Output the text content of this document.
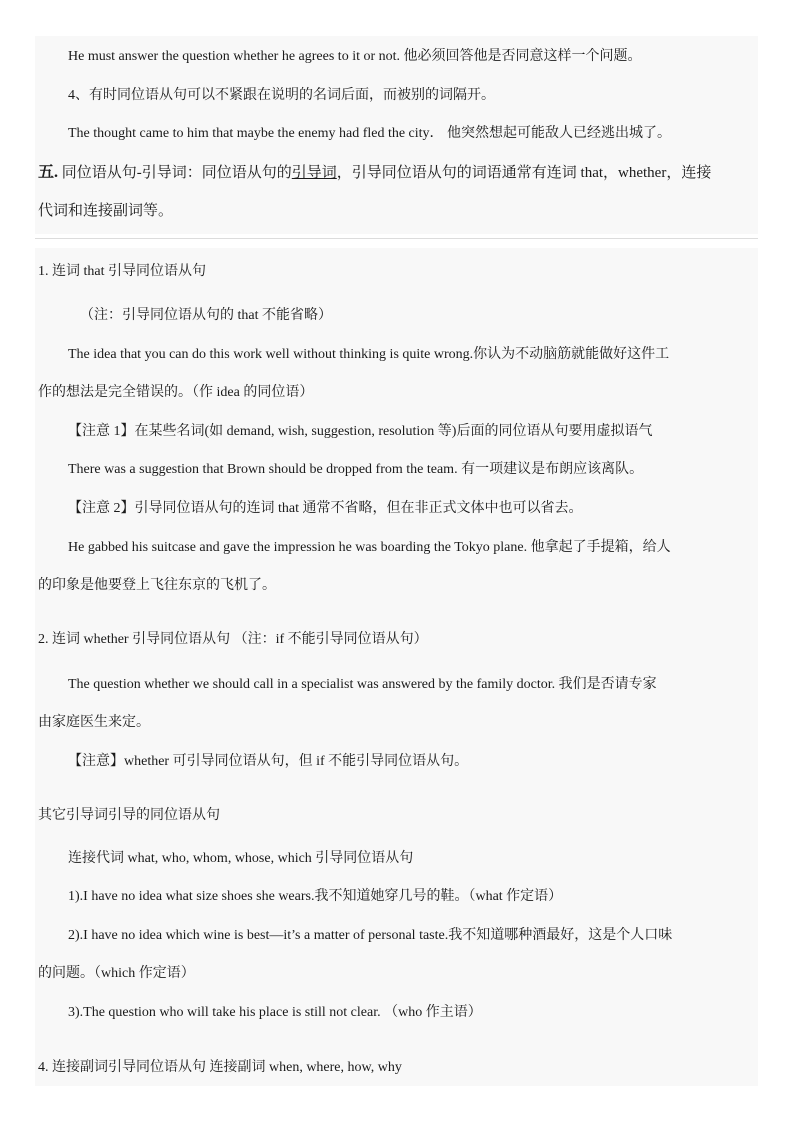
He must answer the question whether he agrees to it or not. 他必须回答他是否同意这样一个问题。
4、有时同位语从句可以不紧跟在说明的名词后面，而被别的词隔开。
The thought came to him that maybe the enemy had fled the city． 他突然想起可能敌人已经逃出城了。
五. 同位语从句-引导词：同位语从句的引导词，引导同位语从句的词语通常有连词 that，whether，连接
代词和连接副词等。
1. 连词 that 引导同位语从句
（注：引导同位语从句的 that 不能省略）
The idea that you can do this work well without thinking is quite wrong.你认为不动脑筋就能做好这件工
作的想法是完全错误的。（作 idea 的同位语）
【注意 1】在某些名词(如 demand, wish, suggestion, resolution 等)后面的同位语从句要用虚拟语气
There was a suggestion that Brown should be dropped from the team. 有一项建议是布朗应该离队。
【注意 2】引导同位语从句的连词 that 通常不省略，但在非正式文体中也可以省去。
He gabbed his suitcase and gave the impression he was boarding the Tokyo plane. 他拿起了手提箱，给人
的印象是他要登上飞往东京的飞机了。
2. 连词 whether 引导同位语从句 （注：if 不能引导同位语从句）
The question whether we should call in a specialist was answered by the family doctor. 我们是否请专家
由家庭医生来定。
【注意】whether 可引导同位语从句，但 if 不能引导同位语从句。
其它引导词引导的同位语从句
连接代词 what, who, whom, whose, which 引导同位语从句
1).I have no idea what size shoes she wears.我不知道她穿几号的鞋。（what 作定语）
2).I have no idea which wine is best—it’s a matter of personal taste.我不知道哪种酒最好，这是个人口味
的问题。（which 作定语）
3).The question who will take his place is still not clear. （who 作主语）
4. 连接副词引导同位语从句 连接副词 when, where, how, why
